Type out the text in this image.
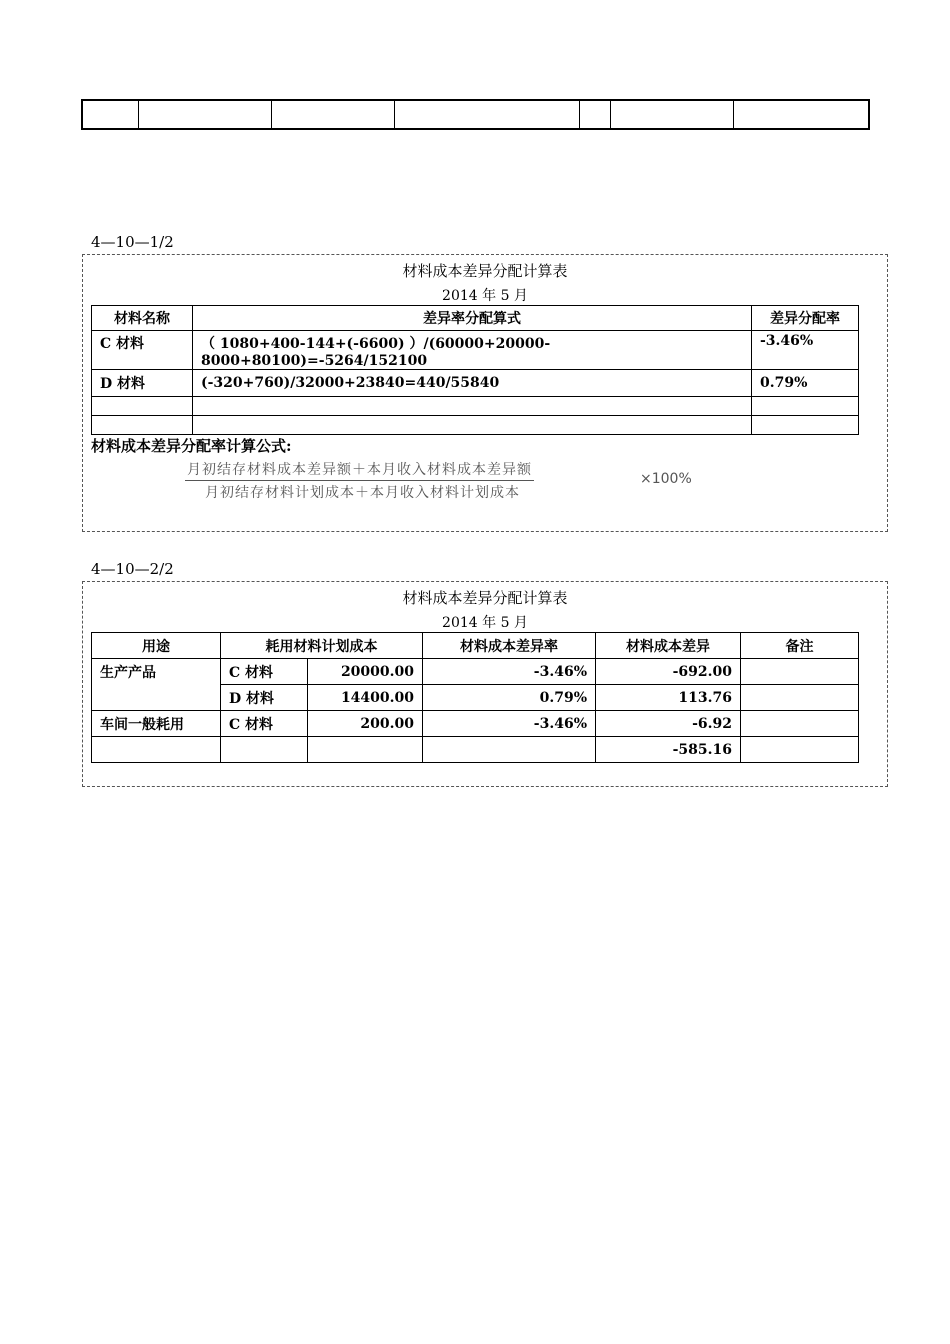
4—10—1/2
材料成本差异分配计算表
2014 年 5 月
材料名称	差异率分配算式	差异分配率
C 材料	（ 1080+400-144+(-6600) ）/(60000+20000-8000+80100)=-5264/152100	-3.46%
D 材料	(-320+760)/32000+23840=440/55840	0.79%

材料成本差异分配率计算公式:
月初结存材料成本差异额＋本月收入材料成本差异额
月初结存材料计划成本＋本月收入材料计划成本
×100%
4—10—2/2
材料成本差异分配计算表
2014 年 5 月
用途	耗用材料计划成本		材料成本差异率	材料成本差异	备注
生产产品	C 材料	20000.00	-3.46%	-692.00	
	D 材料	14400.00	0.79%	113.76	
车间一般耗用	C 材料	200.00	-3.46%	-6.92	
				-585.16	
